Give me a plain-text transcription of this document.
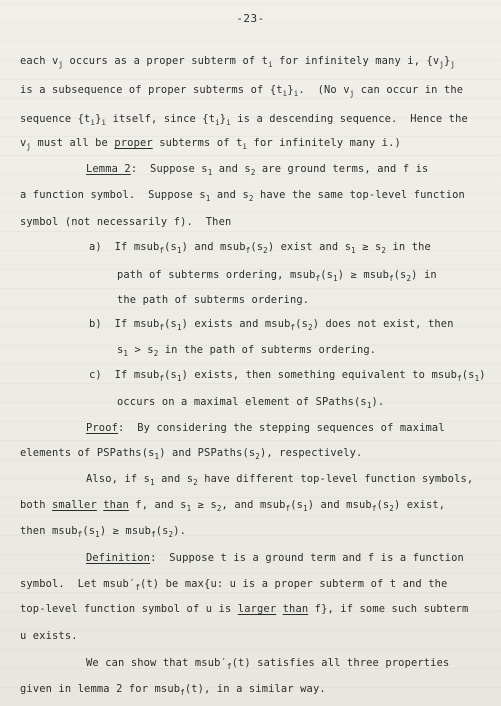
-23-
each $v_j$ occurs as a proper subterm of $t_i$ for infinitely many i, $\{v_j\}_j$
is a subsequence of proper subterms of $\{t_i\}_i$.  (No $v_j$ can occur in the
sequence $\{t_i\}_i$ itself, since $\{t_i\}_i$ is a descending sequence.  Hence the
$v_j$ must all be proper subterms of $t_i$ for infinitely many i.)
Lemma 2:  Suppose $s_1$ and $s_2$ are ground terms, and f is
a function symbol.  Suppose $s_1$ and $s_2$ have the same top-level function
symbol (not necessarily f).  Then
a)  If $msub_f(s_1)$ and $msub_f(s_2)$ exist and $s_1 \ge s_2$ in the
path of subterms ordering, $msub_f(s_1)$ ≥ $msub_f(s_2)$ in
the path of subterms ordering.
b)  If $msub_f(s_1)$ exists and $msub_f(s_2)$ does not exist, then
$s_1 > s_2$ in the path of subterms ordering.
c)  If $msub_f(s_1)$ exists, then something equivalent to $msub_f(s_1)$
occurs on a maximal element of $SPaths(s_1)$.
Proof:  By considering the stepping sequences of maximal
elements of $PSPaths(s_1)$ and $PSPaths(s_2)$, respectively.
Also, if $s_1$ and $s_2$ have different top-level function symbols,
both smaller than f, and $s_1 \ge s_2$, and $msub_f(s_1)$ and $msub_f(s_2)$ exist,
then $msub_f(s_1)$ ≥ $msub_f(s_2)$.
Definition:  Suppose t is a ground term and f is a function
symbol.  Let $msub'_f(t)$ be max{u: u is a proper subterm of t and the
top-level function symbol of u is larger than f}, if some such subterm
u exists.
We can show that $msub'_f(t)$ satisfies all three properties
given in lemma 2 for msub$_f$(t), in a similar way.
